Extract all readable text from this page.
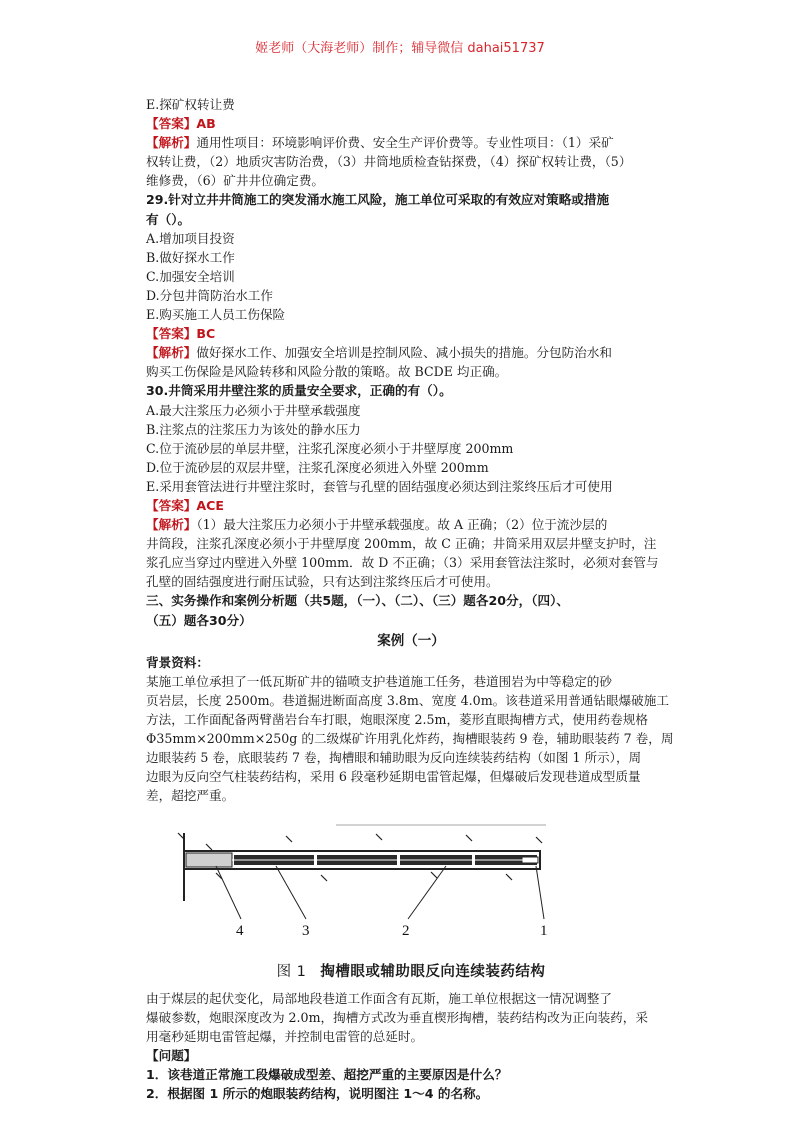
姬老师（大海老师）制作；辅导微信 dahai51737
E.探矿权转让费
【答案】AB
【解析】通用性项目：环境影响评价费、安全生产评价费等。专业性项目：（1）采矿
权转让费，（2）地质灾害防治费，（3）井筒地质检查钻探费，（4）探矿权转让费，（5）
维修费，（6）矿井井位确定费。
29.针对立井井筒施工的突发涌水施工风险，施工单位可采取的有效应对策略或措施
有（）。
A.增加项目投资
B.做好探水工作
C.加强安全培训
D.分包井筒防治水工作
E.购买施工人员工伤保险
【答案】BC
【解析】做好探水工作、加强安全培训是控制风险、减小损失的措施。分包防治水和
购买工伤保险是风险转移和风险分散的策略。故 BCDE 均正确。
30.井筒采用井壁注浆的质量安全要求，正确的有（）。
A.最大注浆压力必须小于井壁承载强度
B.注浆点的注浆压力为该处的静水压力
C.位于流砂层的单层井壁，注浆孔深度必须小于井壁厚度 200mm
D.位于流砂层的双层井壁，注浆孔深度必须进入外壁 200mm
E.采用套管法进行井壁注浆时，套管与孔壁的固结强度必须达到注浆终压后才可使用
【答案】ACE
【解析】（1）最大注浆压力必须小于井壁承载强度。故 A 正确；（2）位于流沙层的
井筒段，注浆孔深度必须小于井壁厚度 200mm，故 C 正确；井筒采用双层井壁支护时，注
浆孔应当穿过内壁进入外壁 100mm．故 D 不正确；（3）采用套管法注浆时，必须对套管与
孔壁的固结强度进行耐压试验，只有达到注浆终压后才可使用。
三、实务操作和案例分析题（共5题，（一）、（二）、（三）题各20分，（四）、
（五）题各30分）
案例（一）
背景资料：
某施工单位承担了一低瓦斯矿井的锚喷支护巷道施工任务，巷道围岩为中等稳定的砂
页岩层，长度 2500m。巷道掘进断面高度 3.8m、宽度 4.0m。该巷道采用普通钻眼爆破施工
方法，工作面配备两臂凿岩台车打眼，炮眼深度 2.5m，菱形直眼掏槽方式，使用药卷规格
Φ35mm×200mm×250g 的二级煤矿许用乳化炸药，掏槽眼装药 9 卷，辅助眼装药 7 卷，周
边眼装药 5 卷，底眼装药 7 卷，掏槽眼和辅助眼为反向连续装药结构（如图 1 所示），周
边眼为反向空气柱装药结构，采用 6 段毫秒延期电雷管起爆，但爆破后发现巷道成型质量
差，超挖严重。
4	3	2	1
图 1 掏槽眼或辅助眼反向连续装药结构
由于煤层的起伏变化，局部地段巷道工作面含有瓦斯，施工单位根据这一情况调整了
爆破参数，炮眼深度改为 2.0m，掏槽方式改为垂直楔形掏槽，装药结构改为正向装药，采
用毫秒延期电雷管起爆，并控制电雷管的总延时。
【问题】
1．该巷道正常施工段爆破成型差、超挖严重的主要原因是什么？
2．根据图 1 所示的炮眼装药结构，说明图注 1～4 的名称。
